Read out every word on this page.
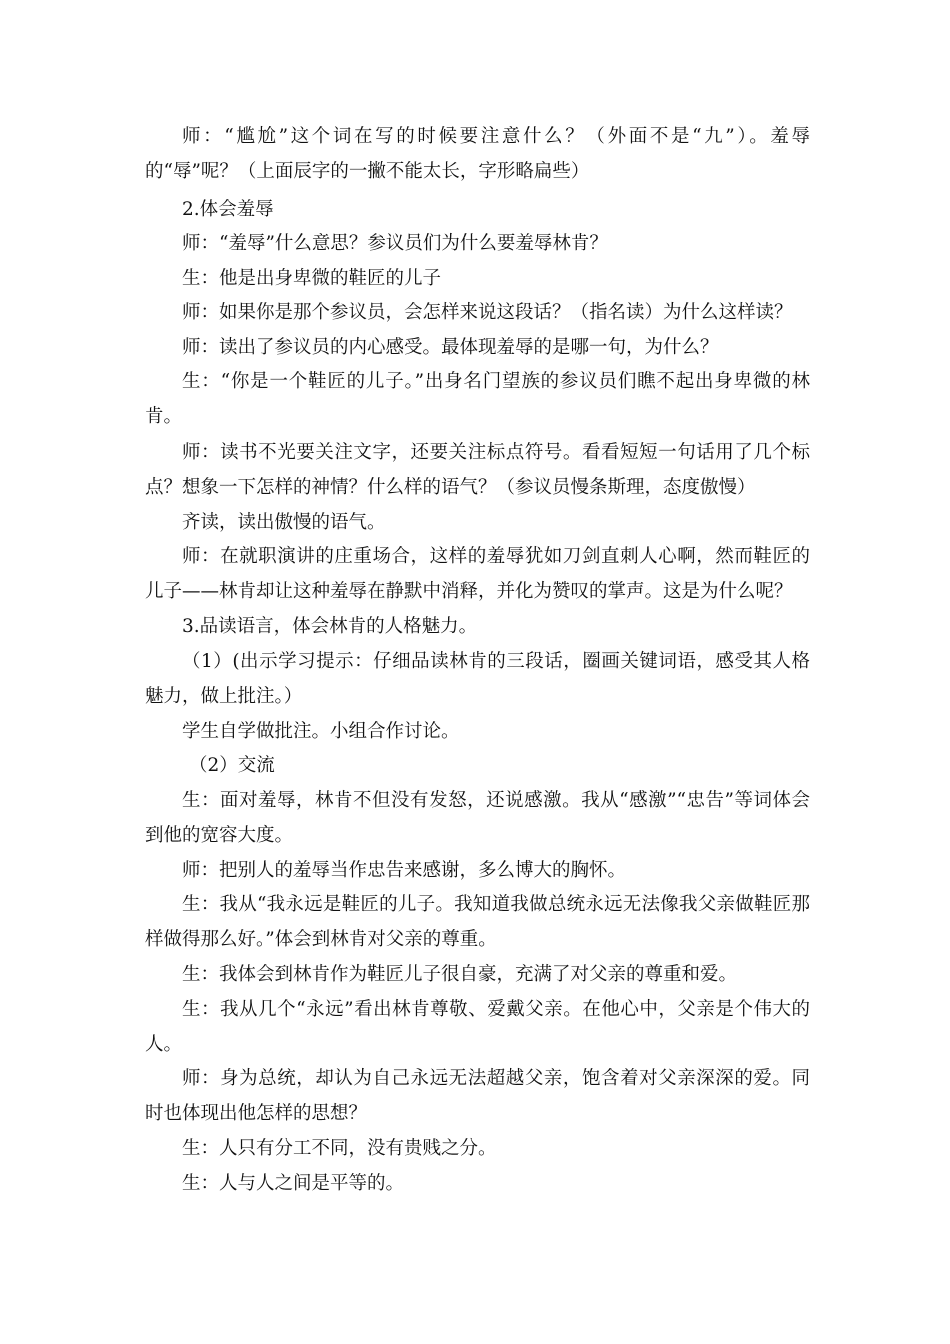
师：“尴尬”这个词在写的时候要注意什么？（外面不是“九”）。羞辱的“辱”呢？（上面辰字的一撇不能太长，字形略扁些）

2.体会羞辱

师：“羞辱”什么意思？参议员们为什么要羞辱林肯？

生：他是出身卑微的鞋匠的儿子

师：如果你是那个参议员，会怎样来说这段话？（指名读）为什么这样读？

师：读出了参议员的内心感受。最体现羞辱的是哪一句，为什么？

生：“你是一个鞋匠的儿子。”出身名门望族的参议员们瞧不起出身卑微的林肯。

师：读书不光要关注文字，还要关注标点符号。看看短短一句话用了几个标点？想象一下怎样的神情？什么样的语气？（参议员慢条斯理，态度傲慢）

齐读，读出傲慢的语气。

师：在就职演讲的庄重场合，这样的羞辱犹如刀剑直刺人心啊，然而鞋匠的儿子——林肯却让这种羞辱在静默中消释，并化为赞叹的掌声。这是为什么呢？

3.品读语言，体会林肯的人格魅力。

（1）(出示学习提示：仔细品读林肯的三段话，圈画关键词语，感受其人格魅力，做上批注。）

学生自学做批注。小组合作讨论。

（2）交流

生：面对羞辱，林肯不但没有发怒，还说感激。我从“感激”“忠告”等词体会到他的宽容大度。

师：把别人的羞辱当作忠告来感谢，多么博大的胸怀。

生：我从“我永远是鞋匠的儿子。我知道我做总统永远无法像我父亲做鞋匠那样做得那么好。”体会到林肯对父亲的尊重。

生：我体会到林肯作为鞋匠儿子很自豪，充满了对父亲的尊重和爱。

生：我从几个“永远”看出林肯尊敬、爱戴父亲。在他心中，父亲是个伟大的人。

师：身为总统，却认为自己永远无法超越父亲，饱含着对父亲深深的爱。同时也体现出他怎样的思想？

生：人只有分工不同，没有贵贱之分。

生：人与人之间是平等的。
